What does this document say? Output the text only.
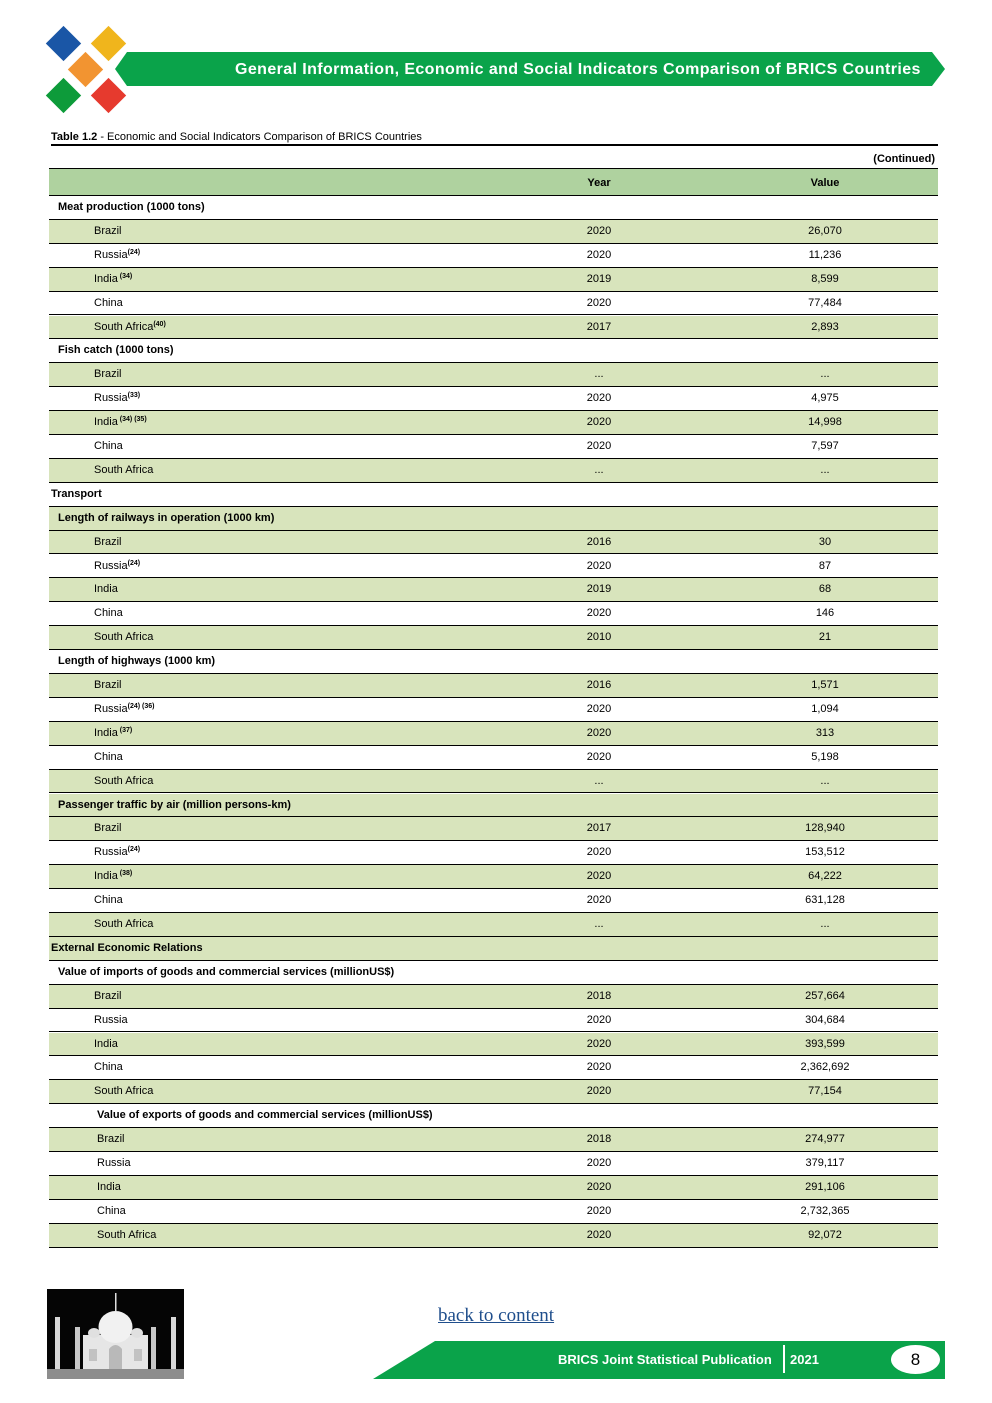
General Information, Economic and Social Indicators Comparison of BRICS Countries
Table 1.2 - Economic and Social Indicators Comparison of BRICS Countries
(Continued)
Year	Value
Meat production (1000 tons)
Brazil	2020	26,070
Russia$^{(24)}$	2020	11,236
India $^{(34)}$	2019	8,599
China	2020	77,484
South Africa$^{(40)}$	2017	2,893
Fish catch (1000 tons)
Brazil	...	...
Russia$^{(33)}$	2020	4,975
India $^{(34) (35)}$	2020	14,998
China	2020	7,597
South Africa	...	...
Transport
Length of railways in operation (1000 km)
Brazil	2016	30
Russia$^{(24)}$	2020	87
India	2019	68
China	2020	146
South Africa	2010	21
Length of highways (1000 km)
Brazil	2016	1,571
Russia$^{(24) (36)}$	2020	1,094
India $^{(37)}$	2020	313
China	2020	5,198
South Africa	...	...
Passenger traffic by air (million persons-km)
Brazil	2017	128,940
Russia$^{(24)}$	2020	153,512
India $^{(38)}$	2020	64,222
China	2020	631,128
South Africa	...	...
External Economic Relations
Value of imports of goods and commercial services (millionUS$)
Brazil	2018	257,664
Russia	2020	304,684
India	2020	393,599
China	2020	2,362,692
South Africa	2020	77,154
Value of exports of goods and commercial services (millionUS$)
Brazil	2018	274,977
Russia	2020	379,117
India	2020	291,106
China	2020	2,732,365
South Africa	2020	92,072
back to content
BRICS Joint Statistical Publication 2021	8
